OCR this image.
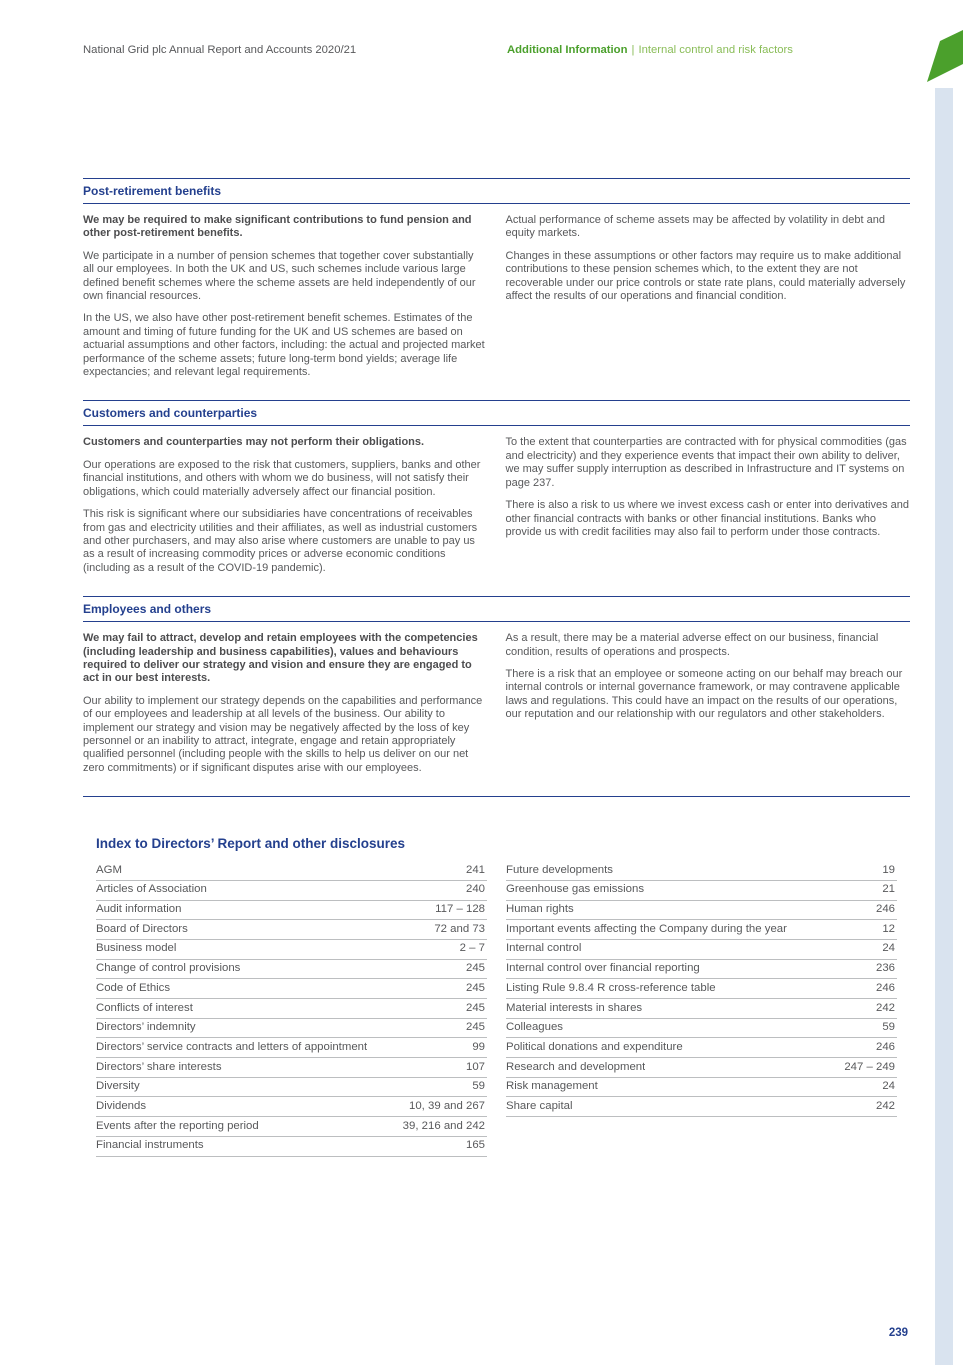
National Grid plc Annual Report and Accounts 2020/21	Additional Information | Internal control and risk factors
Post-retirement benefits

We may be required to make significant contributions to fund pension and other post-retirement benefits.

We participate in a number of pension schemes that together cover substantially all our employees. In both the UK and US, such schemes include various large defined benefit schemes where the scheme assets are held independently of our own financial resources.

In the US, we also have other post-retirement benefit schemes. Estimates of the amount and timing of future funding for the UK and US schemes are based on actuarial assumptions and other factors, including: the actual and projected market performance of the scheme assets; future long-term bond yields; average life expectancies; and relevant legal requirements.

Actual performance of scheme assets may be affected by volatility in debt and equity markets.

Changes in these assumptions or other factors may require us to make additional contributions to these pension schemes which, to the extent they are not recoverable under our price controls or state rate plans, could materially adversely affect the results of our operations and financial condition.

Customers and counterparties

Customers and counterparties may not perform their obligations.

Our operations are exposed to the risk that customers, suppliers, banks and other financial institutions, and others with whom we do business, will not satisfy their obligations, which could materially adversely affect our financial position.

This risk is significant where our subsidiaries have concentrations of receivables from gas and electricity utilities and their affiliates, as well as industrial customers and other purchasers, and may also arise where customers are unable to pay us as a result of increasing commodity prices or adverse economic conditions (including as a result of the COVID-19 pandemic).

To the extent that counterparties are contracted with for physical commodities (gas and electricity) and they experience events that impact their own ability to deliver, we may suffer supply interruption as described in Infrastructure and IT systems on page 237.

There is also a risk to us where we invest excess cash or enter into derivatives and other financial contracts with banks or other financial institutions. Banks who provide us with credit facilities may also fail to perform under those contracts.

Employees and others

We may fail to attract, develop and retain employees with the competencies (including leadership and business capabilities), values and behaviours required to deliver our strategy and vision and ensure they are engaged to act in our best interests.

Our ability to implement our strategy depends on the capabilities and performance of our employees and leadership at all levels of the business. Our ability to implement our strategy and vision may be negatively affected by the loss of key personnel or an inability to attract, integrate, engage and retain appropriately qualified personnel (including people with the skills to help us deliver on our net zero commitments) or if significant disputes arise with our employees.

As a result, there may be a material adverse effect on our business, financial condition, results of operations and prospects.

There is a risk that an employee or someone acting on our behalf may breach our internal controls or internal governance framework, or may contravene applicable laws and regulations. This could have an impact on the results of our operations, our reputation and our relationship with our regulators and other stakeholders.

Index to Directors’ Report and other disclosures
AGM	241
Articles of Association	240
Audit information	117 – 128
Board of Directors	72 and 73
Business model	2 – 7
Change of control provisions	245
Code of Ethics	245
Conflicts of interest	245
Directors’ indemnity	245
Directors’ service contracts and letters of appointment	99
Directors’ share interests	107
Diversity	59
Dividends	10, 39 and 267
Events after the reporting period	39, 216 and 242
Financial instruments	165
Future developments	19
Greenhouse gas emissions	21
Human rights	246
Important events affecting the Company during the year	12
Internal control	24
Internal control over financial reporting	236
Listing Rule 9.8.4 R cross-reference table	246
Material interests in shares	242
Colleagues	59
Political donations and expenditure	246
Research and development	247 – 249
Risk management	24
Share capital	242
239
